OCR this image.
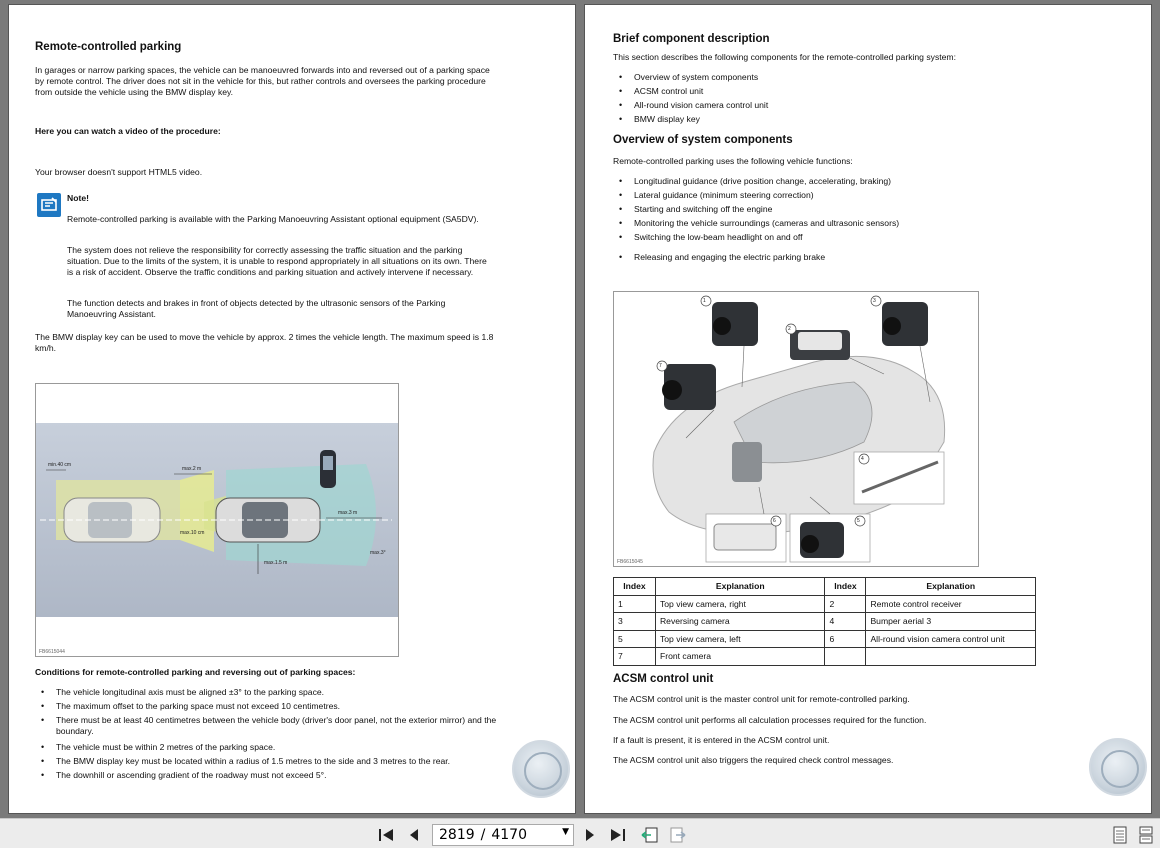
Remote-controlled parking
In garages or narrow parking spaces, the vehicle can be manoeuvred forwards into and reversed out of a parking space by remote control. The driver does not sit in the vehicle for this, but rather controls and oversees the parking procedure from outside the vehicle using the BMW display key.
Here you can watch a video of the procedure:
Your browser doesn't support HTML5 video.
Note!
Remote-controlled parking is available with the Parking Manoeuvring Assistant optional equipment (SA5DV).
The system does not relieve the responsibility for correctly assessing the traffic situation and the parking situation. Due to the limits of the system, it is unable to respond appropriately in all situations on its own. There is a risk of accident. Observe the traffic conditions and parking situation and actively intervene if necessary.
The function detects and brakes in front of objects detected by the ultrasonic sensors of the Parking Manoeuvring Assistant.
The BMW display key can be used to move the vehicle by approx. 2 times the vehicle length. The maximum speed is 1.8 km/h.
FB6615044
min.40 cm
max.2 m
max.10 cm
max.3 m
max.1.5 m
max.3°
Conditions for remote-controlled parking and reversing out of parking spaces:
• The vehicle longitudinal axis must be aligned ±3° to the parking space.
• The maximum offset to the parking space must not exceed 10 centimetres.
• There must be at least 40 centimetres between the vehicle body (driver's door panel, not the exterior mirror) and the boundary.
• The vehicle must be within 2 metres of the parking space.
• The BMW display key must be located within a radius of 1.5 metres to the side and 3 metres to the rear.
• The downhill or ascending gradient of the roadway must not exceed 5°.
Brief component description
This section describes the following components for the remote-controlled parking system:
• Overview of system components
• ACSM control unit
• All-round vision camera control unit
• BMW display key
Overview of system components
Remote-controlled parking uses the following vehicle functions:
• Longitudinal guidance (drive position change, accelerating, braking)
• Lateral guidance (minimum steering correction)
• Starting and switching off the engine
• Monitoring the vehicle surroundings (cameras and ultrasonic sensors)
• Switching the low-beam headlight on and off
• Releasing and engaging the electric parking brake
1
2
3
4
5
6
7
FB6615045
Index	Explanation	Index	Explanation
1	Top view camera, right	2	Remote control receiver
3	Reversing camera	4	Bumper aerial 3
5	Top view camera, left	6	All-round vision camera control unit
7	Front camera		
ACSM control unit
The ACSM control unit is the master control unit for remote-controlled parking.
The ACSM control unit performs all calculation processes required for the function.
If a fault is present, it is entered in the ACSM control unit.
The ACSM control unit also triggers the required check control messages.
2819 / 4170	▼
